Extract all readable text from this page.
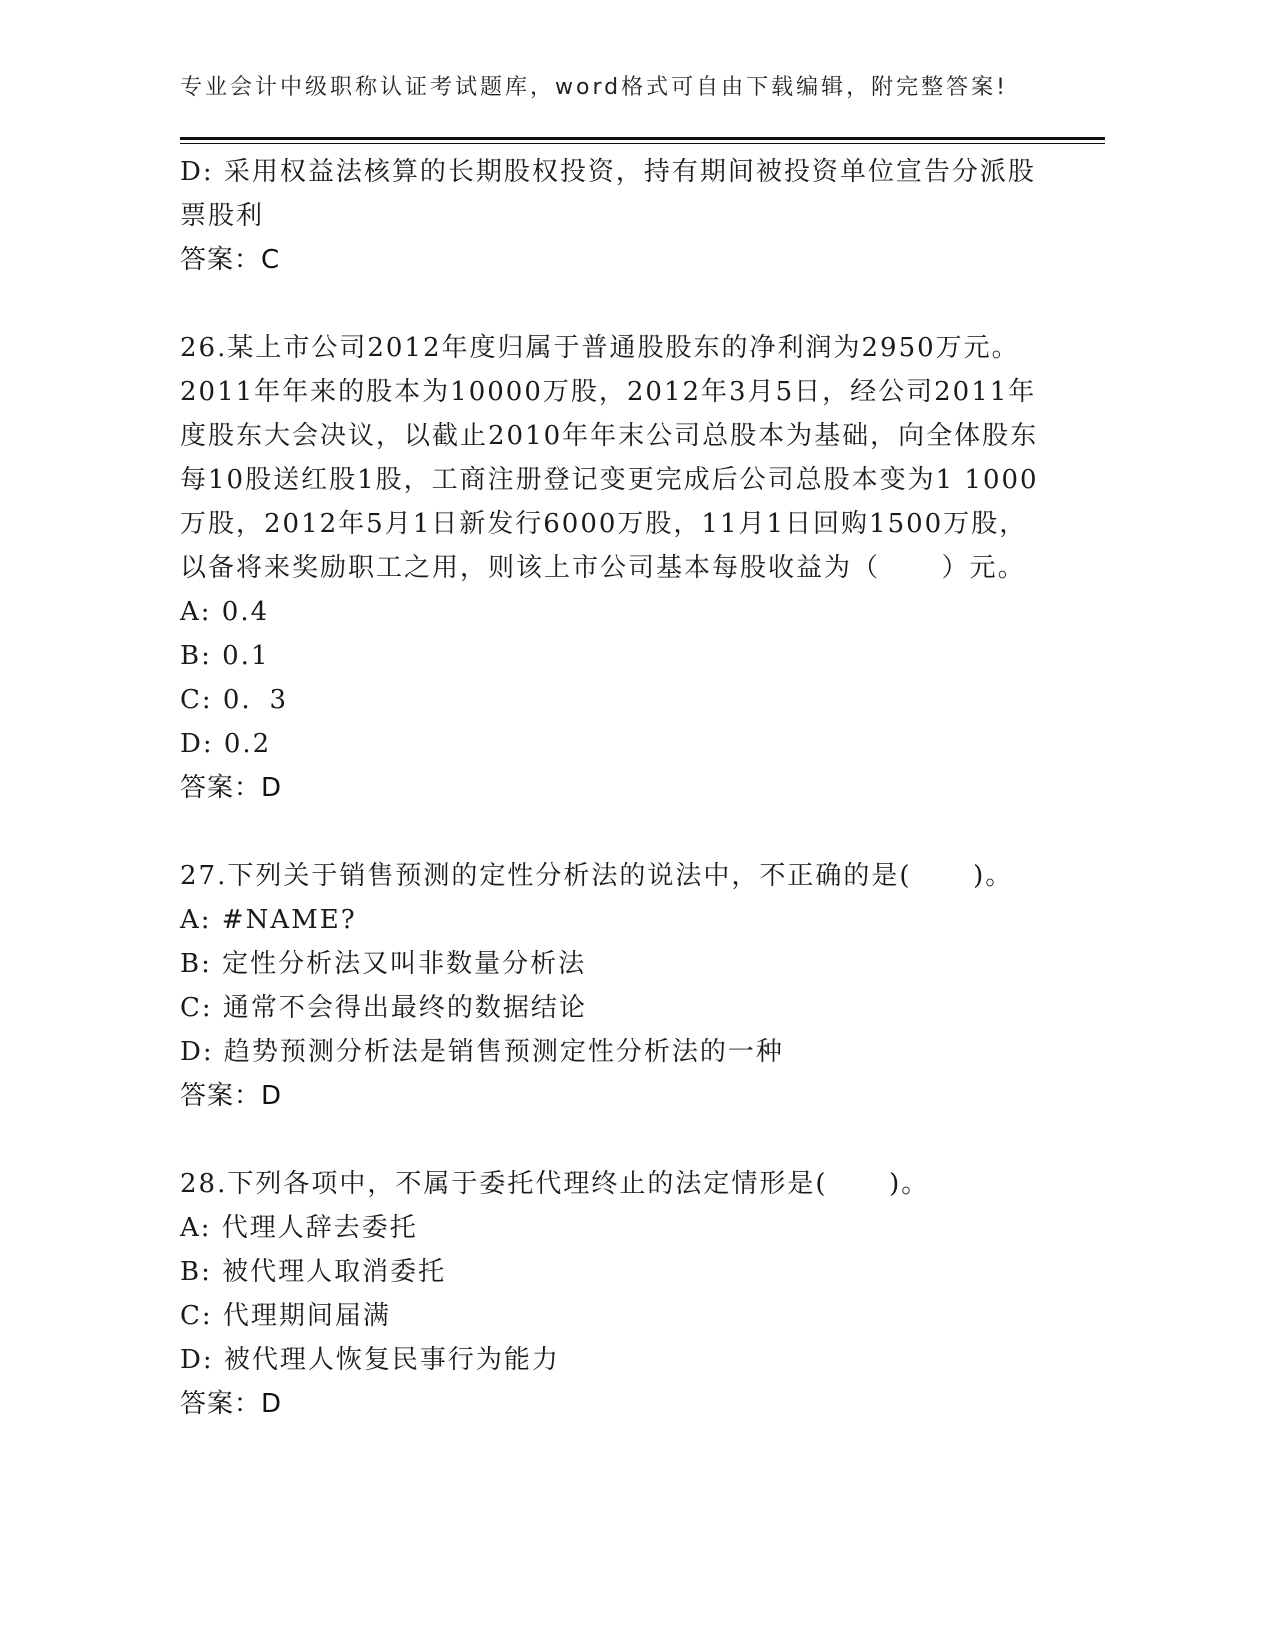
专业会计中级职称认证考试题库，word格式可自由下载编辑，附完整答案!
D: 采用权益法核算的长期股权投资，持有期间被投资单位宣告分派股
票股利
答案：C
26.某上市公司2012年度归属于普通股股东的净利润为2950万元。
2011年年来的股本为10000万股，2012年3月5日，经公司2011年
度股东大会决议，以截止2010年年末公司总股本为基础，向全体股东
每10股送红股1股，工商注册登记变更完成后公司总股本变为1 1000
万股，2012年5月1日新发行6000万股，11月1日回购1500万股，
以备将来奖励职工之用，则该上市公司基本每股收益为（      ）元。
A: 0.4
B: 0.1
C: 0．3
D: 0.2
答案：D
27.下列关于销售预测的定性分析法的说法中，不正确的是(      )。
A: #NAME?
B: 定性分析法又叫非数量分析法
C: 通常不会得出最终的数据结论
D: 趋势预测分析法是销售预测定性分析法的一种
答案：D
28.下列各项中，不属于委托代理终止的法定情形是(      )。
A: 代理人辞去委托
B: 被代理人取消委托
C: 代理期间届满
D: 被代理人恢复民事行为能力
答案：D
